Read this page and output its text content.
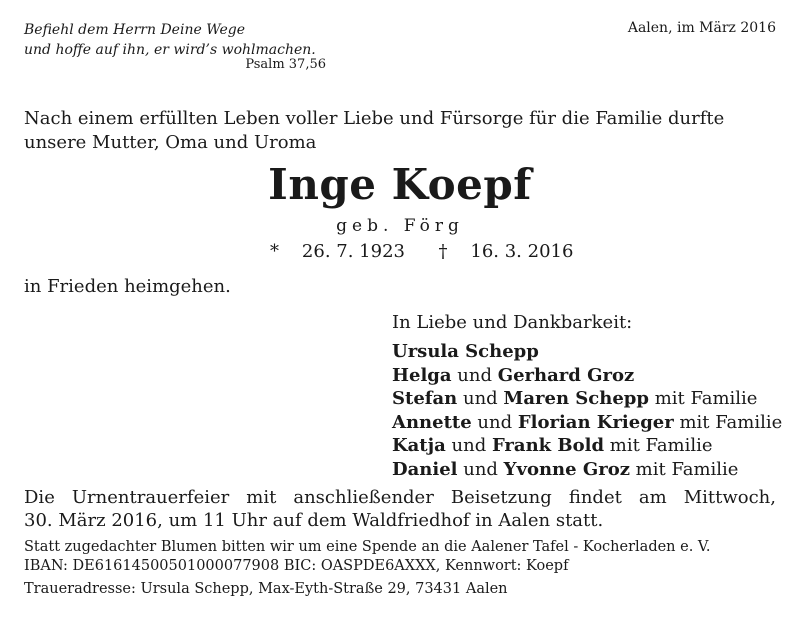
Befiehl dem Herrn Deine Wege
und hoffe auf ihn, er wird’s wohlmachen.
Psalm 37,56
Aalen, im März 2016
Nach einem erfüllten Leben voller Liebe und Fürsorge für die Familie durfte
unsere Mutter, Oma und Uroma
Inge Koepf
geb. Förg
* 26. 7. 1923 † 16. 3. 2016
in Frieden heimgehen.
In Liebe und Dankbarkeit:
Ursula Schepp
Helga und Gerhard Groz
Stefan und Maren Schepp mit Familie
Annette und Florian Krieger mit Familie
Katja und Frank Bold mit Familie
Daniel und Yvonne Groz mit Familie
Die Urnentrauerfeier mit anschließender Beisetzung findet am Mittwoch,
30. März 2016, um 11 Uhr auf dem Waldfriedhof in Aalen statt.
Statt zugedachter Blumen bitten wir um eine Spende an die Aalener Tafel - Kocherladen e. V.
IBAN: DE61614500501000077908 BIC: OASPDE6AXXX, Kennwort: Koepf
Traueradresse: Ursula Schepp, Max-Eyth-Straße 29, 73431 Aalen
